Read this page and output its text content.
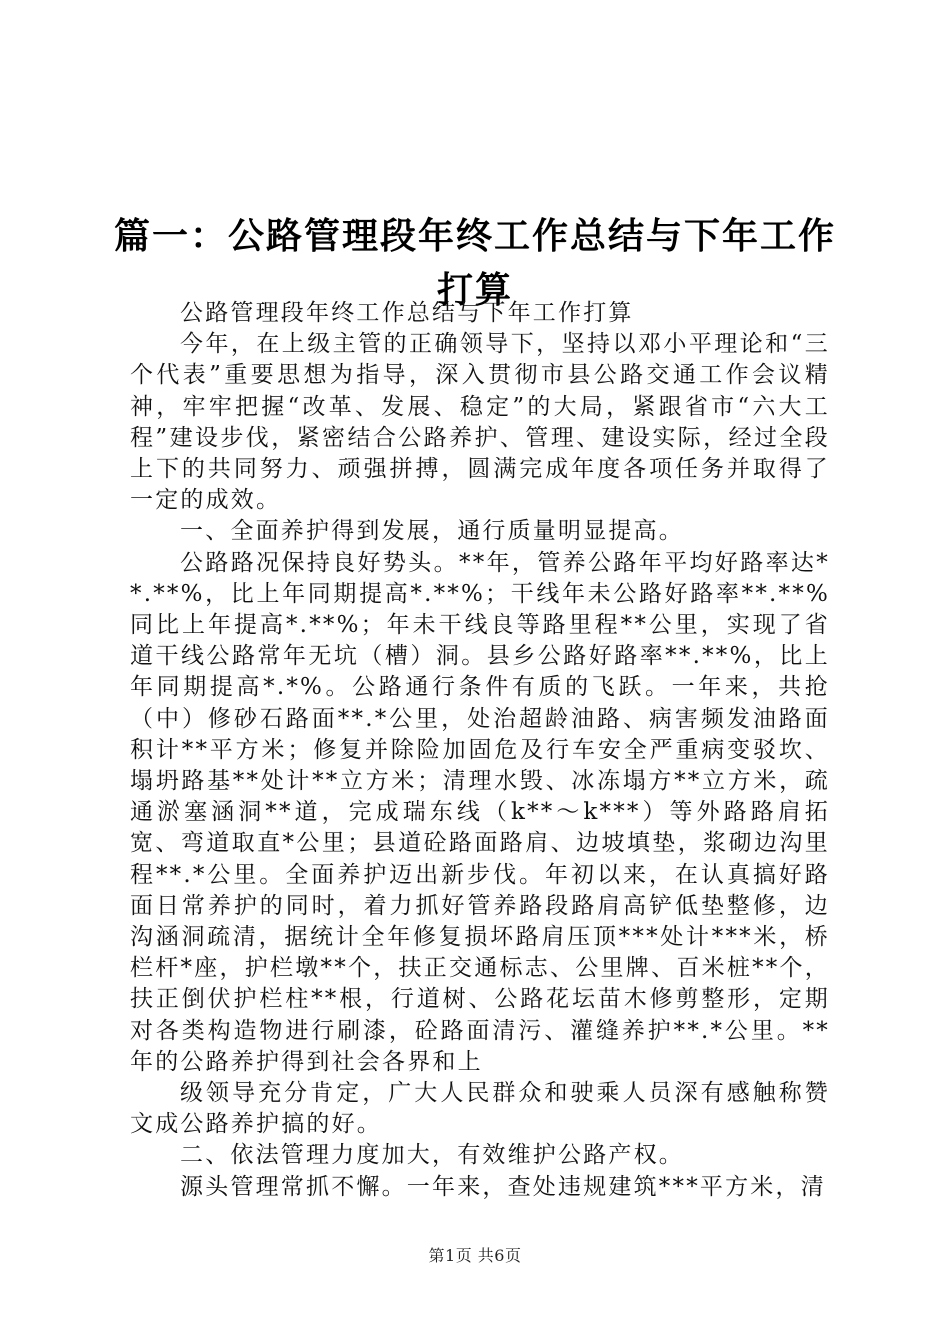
篇一：公路管理段年终工作总结与下年工作打算

公路管理段年终工作总结与下年工作打算

今年，在上级主管的正确领导下，坚持以邓小平理论和“三个代表”重要思想为指导，深入贯彻市县公路交通工作会议精神，牢牢把握“改革、发展、稳定”的大局，紧跟省市“六大工程”建设步伐，紧密结合公路养护、管理、建设实际，经过全段上下的共同努力、顽强拼搏，圆满完成年度各项任务并取得了一定的成效。

一、全面养护得到发展，通行质量明显提高。

公路路况保持良好势头。**年，管养公路年平均好路率达**.**%，比上年同期提高*.**%；干线年未公路好路率**.**%同比上年提高*.**%；年未干线良等路里程**公里，实现了省道干线公路常年无坑（槽）洞。县乡公路好路率**.**%，比上年同期提高*.*%。公路通行条件有质的飞跃。一年来，共抢（中）修砂石路面**.*公里，处治超龄油路、病害频发油路面积计**平方米；修复并除险加固危及行车安全严重病变驳坎、塌坍路基**处计**立方米；清理水毁、冰冻塌方**立方米，疏通淤塞涵洞**道，完成瑞东线（k**～k***）等外路路肩拓宽、弯道取直*公里；县道砼路面路肩、边坡填垫，浆砌边沟里程**.*公里。全面养护迈出新步伐。年初以来，在认真搞好路面日常养护的同时，着力抓好管养路段路肩高铲低垫整修，边沟涵洞疏清，据统计全年修复损坏路肩压顶***处计***米，桥栏杆*座，护栏墩**个，扶正交通标志、公里牌、百米桩**个，扶正倒伏护栏柱**根，行道树、公路花坛苗木修剪整形，定期对各类构造物进行刷漆，砼路面清污、灌缝养护**.*公里。**年的公路养护得到社会各界和上

级领导充分肯定，广大人民群众和驶乘人员深有感触称赞文成公路养护搞的好。

二、依法管理力度加大，有效维护公路产权。

源头管理常抓不懈。一年来，查处违规建筑***平方米，清

第1页 共6页
